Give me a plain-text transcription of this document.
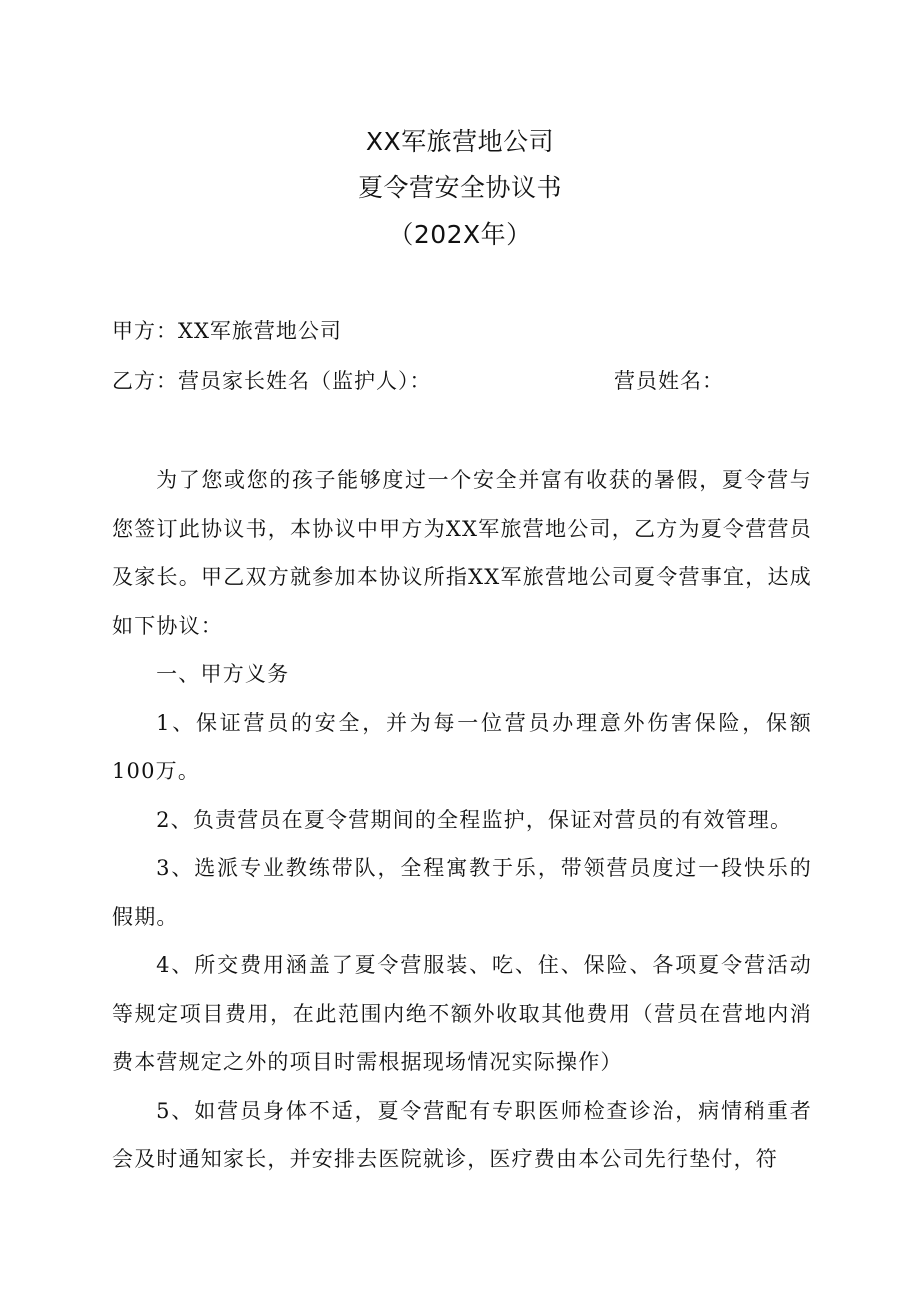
XX军旅营地公司
夏令营安全协议书
（202X年）
甲方：XX军旅营地公司
乙方：营员家长姓名（监护人）：	营员姓名：

为了您或您的孩子能够度过一个安全并富有收获的暑假，夏令营与您签订此协议书，本协议中甲方为XX军旅营地公司，乙方为夏令营营员及家长。甲乙双方就参加本协议所指XX军旅营地公司夏令营事宜，达成如下协议：

一、甲方义务

1、保证营员的安全，并为每一位营员办理意外伤害保险，保额100万。

2、负责营员在夏令营期间的全程监护，保证对营员的有效管理。

3、选派专业教练带队，全程寓教于乐，带领营员度过一段快乐的假期。

4、所交费用涵盖了夏令营服装、吃、住、保险、各项夏令营活动等规定项目费用，在此范围内绝不额外收取其他费用（营员在营地内消费本营规定之外的项目时需根据现场情况实际操作）

5、如营员身体不适，夏令营配有专职医师检查诊治，病情稍重者会及时通知家长，并安排去医院就诊，医疗费由本公司先行垫付，符
